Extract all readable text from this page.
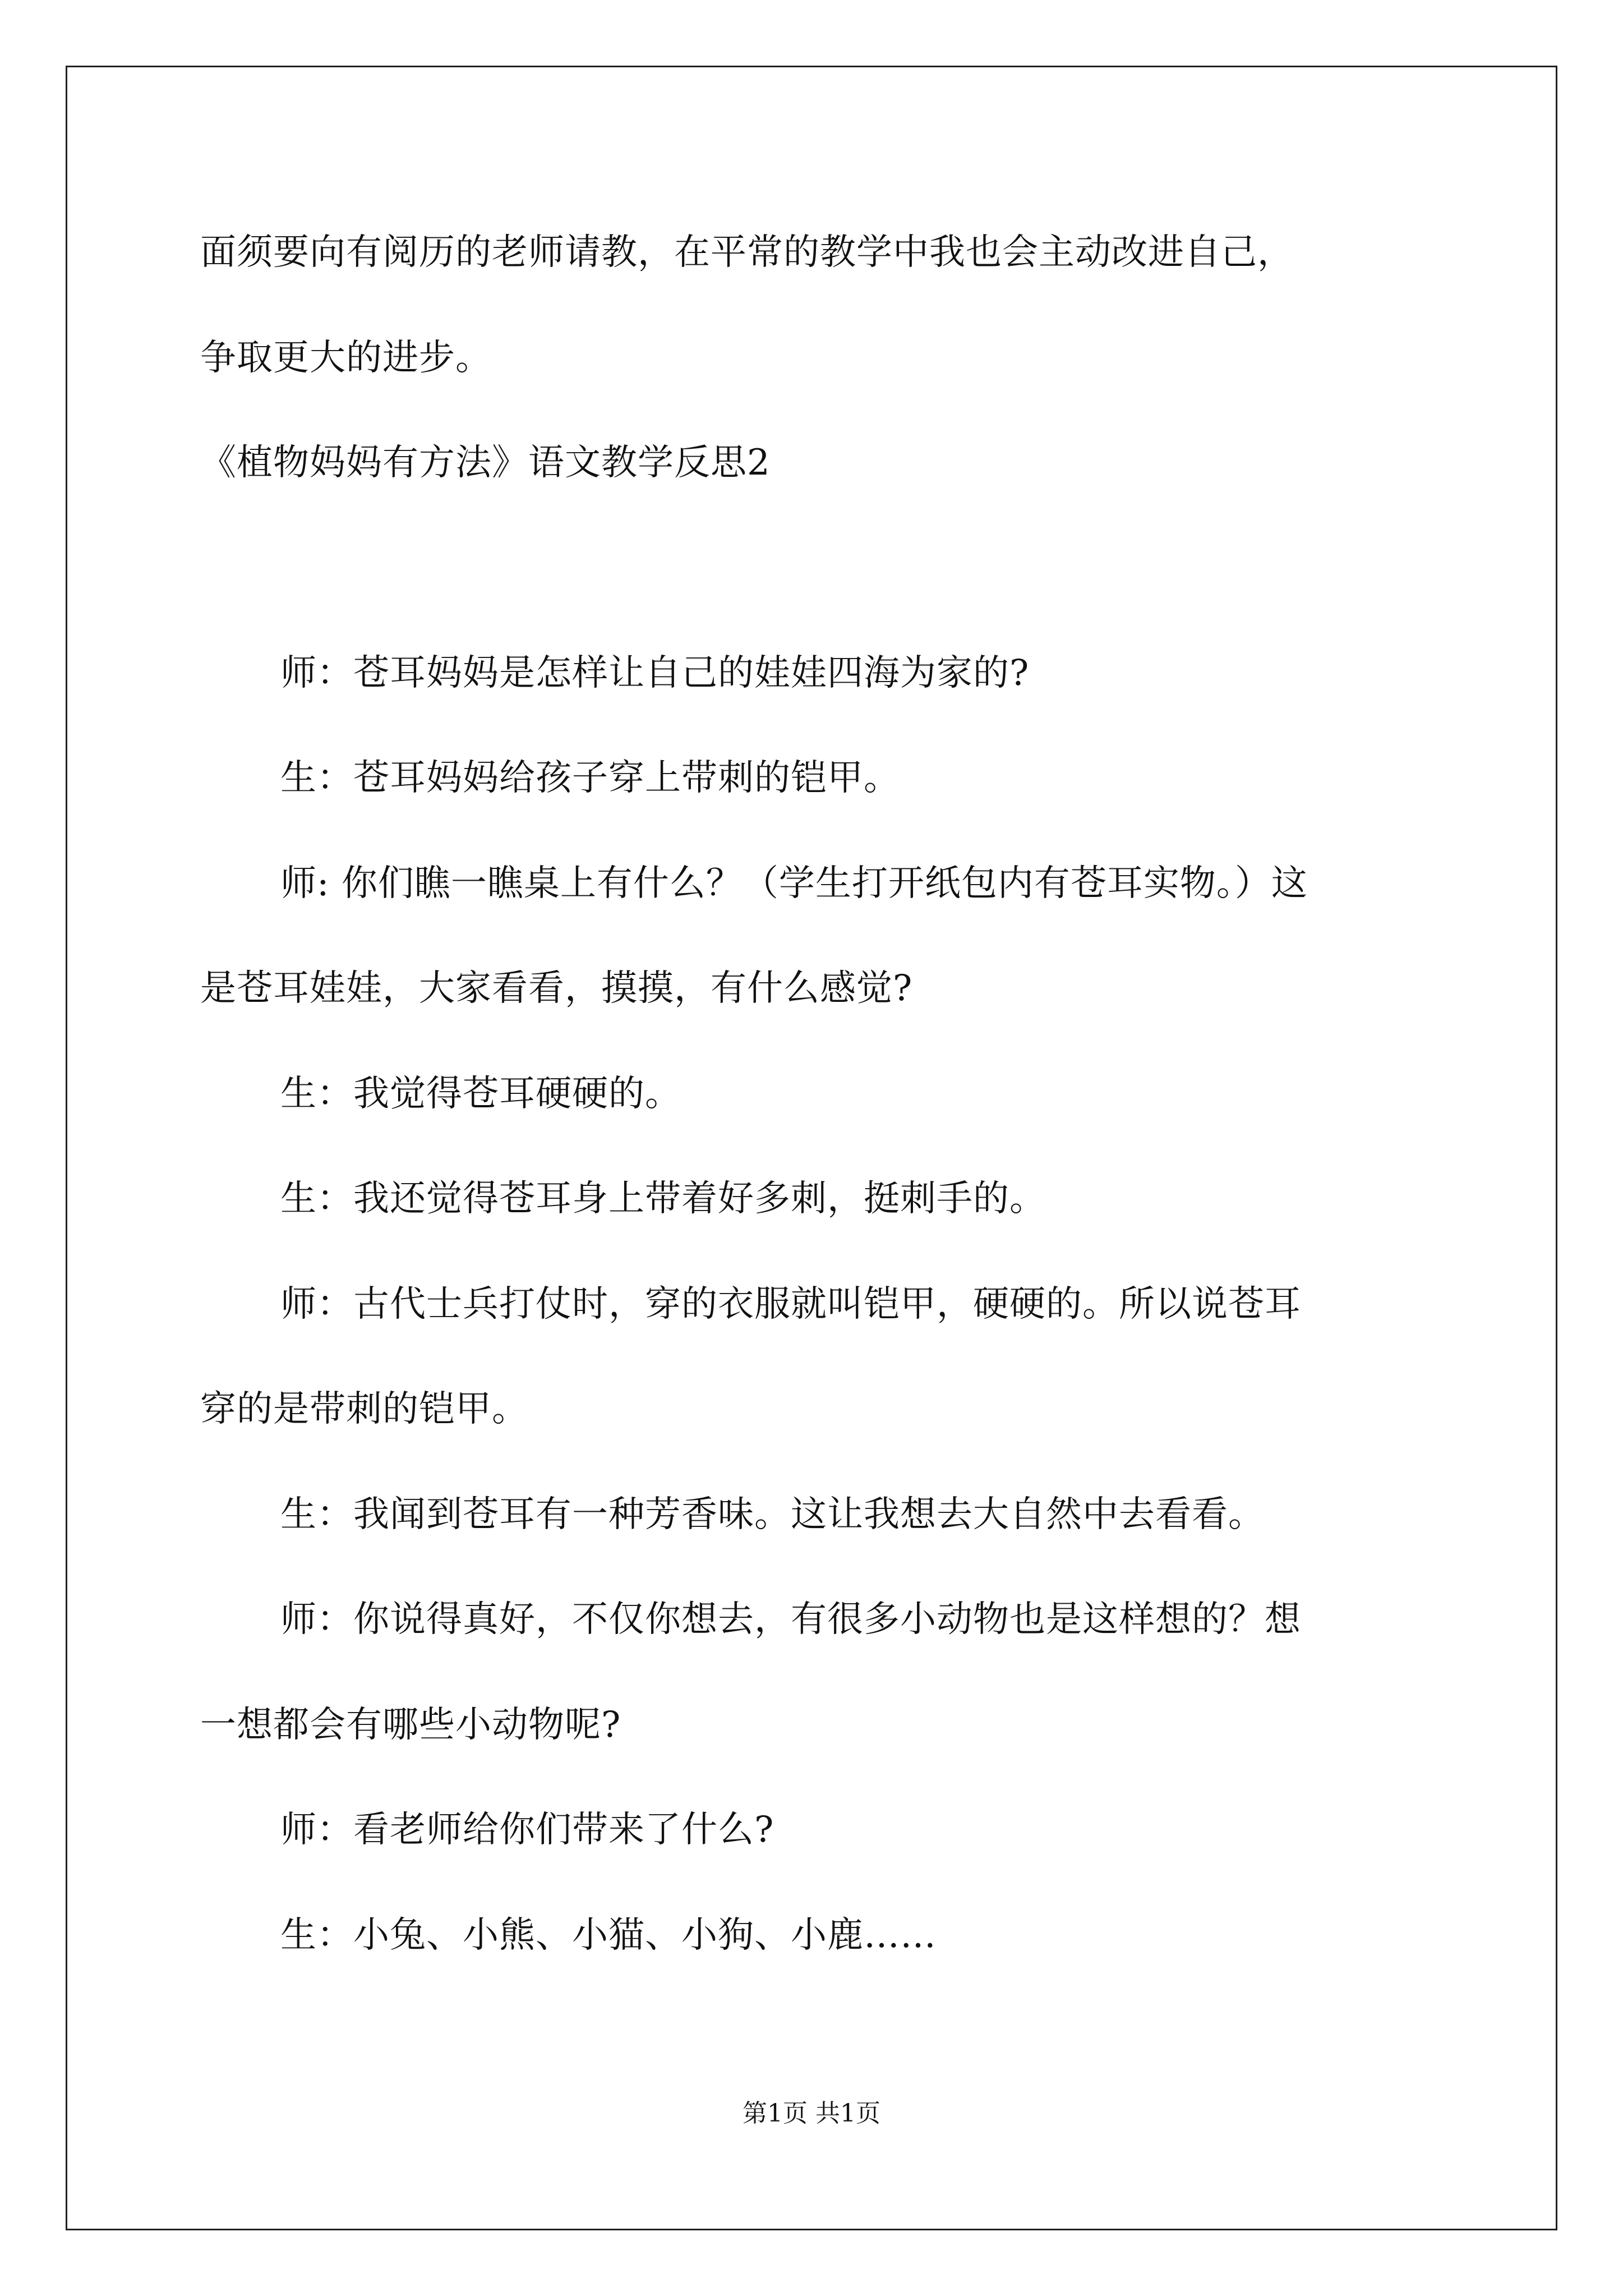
面须要向有阅历的老师请教，在平常的教学中我也会主动改进自己，
争取更大的进步。
《植物妈妈有方法》语文教学反思2
师：苍耳妈妈是怎样让自己的娃娃四海为家的?
生：苍耳妈妈给孩子穿上带刺的铠甲。
师: 你们瞧一瞧桌上有什么？（学生打开纸包内有苍耳实物。）这
是苍耳娃娃，大家看看，摸摸，有什么感觉?
生：我觉得苍耳硬硬的。
生：我还觉得苍耳身上带着好多刺，挺刺手的。
师：古代士兵打仗时，穿的衣服就叫铠甲，硬硬的。所以说苍耳
穿的是带刺的铠甲。
生：我闻到苍耳有一种芳香味。这让我想去大自然中去看看。
师：你说得真好，不仅你想去，有很多小动物也是这样想的？想
一想都会有哪些小动物呢?
师：看老师给你们带来了什么?
生：小兔、小熊、小猫、小狗、小鹿……
第1页 共1页
